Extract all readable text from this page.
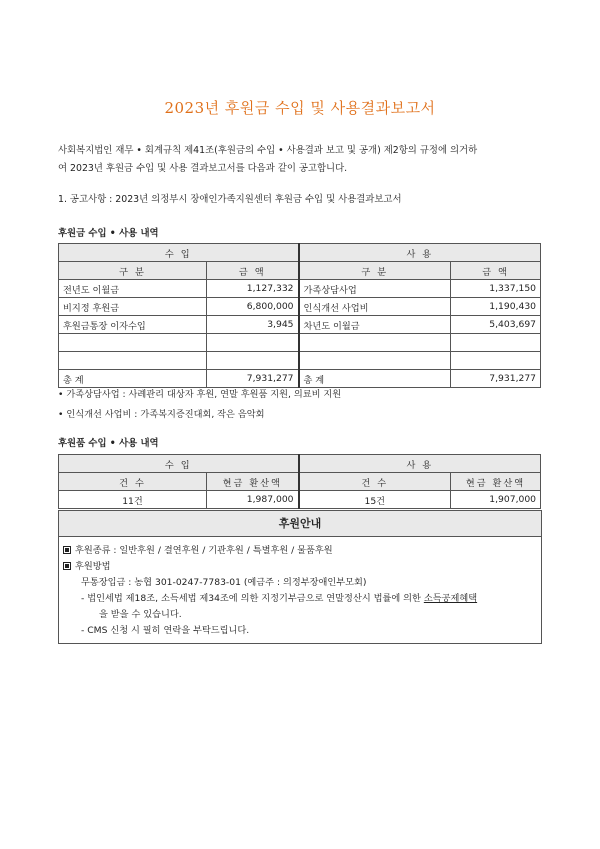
2023년 후원금 수입 및 사용결과보고서
사회복지법인 재무 • 회계규칙 제41조(후원금의 수입 • 사용결과 보고 및 공개) 제2항의 규정에 의거하
여 2023년 후원금 수입 및 사용 결과보고서를 다음과 같이 공고합니다.
1. 공고사항 : 2023년 의정부시 장애인가족지원센터 후원금 수입 및 사용결과보고서
후원금 수입 • 사용 내역
수 입		사 용	
구 분	금 액	구 분	금 액
전년도 이월금	1,127,332	가족상담사업	1,337,150
비지정 후원금	6,800,000	인식개선 사업비	1,190,430
후원금통장 이자수입	3,945	차년도 이월금	5,403,697

총 계	7,931,277	총 계	7,931,277
• 가족상담사업 : 사례관리 대상자 후원, 연말 후원품 지원, 의료비 지원
• 인식개선 사업비 : 가족복지증진대회, 작은 음악회
후원품 수입 • 사용 내역
수 입		사 용	
건 수	현금 환산액	건 수	현금 환산액
11건	1,987,000	15건	1,907,000
후원안내
후원종류 : 일반후원 / 결연후원 / 기관후원 / 특별후원 / 물품후원
후원방법
무통장입금 : 농협 301-0247-7783-01 (예금주 : 의정부장애인부모회)
- 법인세법 제18조, 소득세법 제34조에 의한 지정기부금으로 연말정산시 법률에 의한 소득공제혜택
을 받을 수 있습니다.
- CMS 신청 시 필히 연락을 부탁드립니다.
